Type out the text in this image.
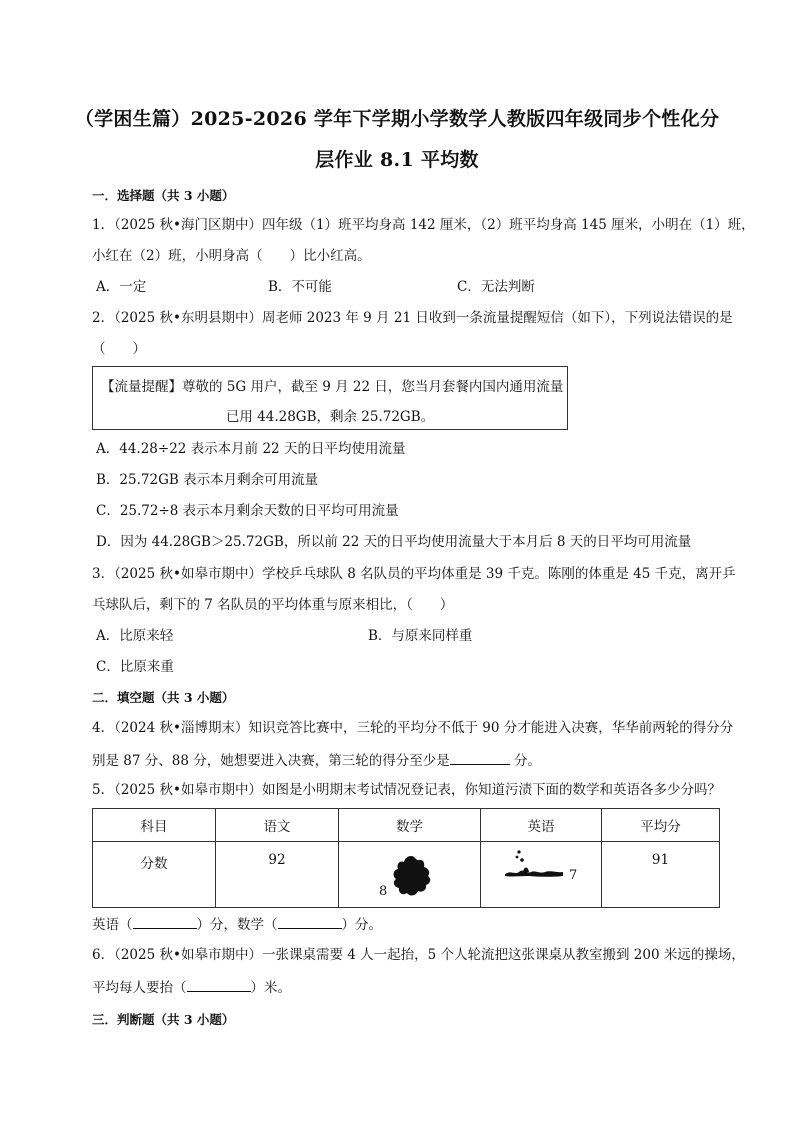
（学困生篇）2025-2026 学年下学期小学数学人教版四年级同步个性化分
层作业 8.1 平均数
一．选择题（共 3 小题）
1．（2025 秋•海门区期中）四年级（1）班平均身高 142 厘米，（2）班平均身高 145 厘米，小明在（1）班，
小红在（2）班，小明身高（　　）比小红高。
A．一定	B．不可能	C．无法判断
2．（2025 秋•东明县期中）周老师 2023 年 9 月 21 日收到一条流量提醒短信（如下），下列说法错误的是
（　　）
【流量提醒】尊敬的 5G 用户，截至 9 月 22 日，您当月套餐内国内通用流量
已用 44.28GB，剩余 25.72GB。
A．44.28÷22 表示本月前 22 天的日平均使用流量
B．25.72GB 表示本月剩余可用流量
C．25.72÷8 表示本月剩余天数的日平均可用流量
D．因为 44.28GB＞25.72GB，所以前 22 天的日平均使用流量大于本月后 8 天的日平均可用流量
3．（2025 秋•如皋市期中）学校乒乓球队 8 名队员的平均体重是 39 千克。陈刚的体重是 45 千克，离开乒
乓球队后，剩下的 7 名队员的平均体重与原来相比，（　　）
A．比原来轻	B．与原来同样重
C．比原来重
二．填空题（共 3 小题）
4．（2024 秋•淄博期末）知识竞答比赛中，三轮的平均分不低于 90 分才能进入决赛，华华前两轮的得分分
别是 87 分、88 分，她想要进入决赛，第三轮的得分至少是	分。
5．（2025 秋•如皋市期中）如图是小明期末考试情况登记表，你知道污渍下面的数学和英语各多少分吗？
科目	语文	数学	英语	平均分
分数	92	8	7	91
英语（	）分，数学（	）分。
6．（2025 秋•如皋市期中）一张课桌需要 4 人一起抬，5 个人轮流把这张课桌从教室搬到 200 米远的操场，
平均每人要抬（	）米。
三．判断题（共 3 小题）
